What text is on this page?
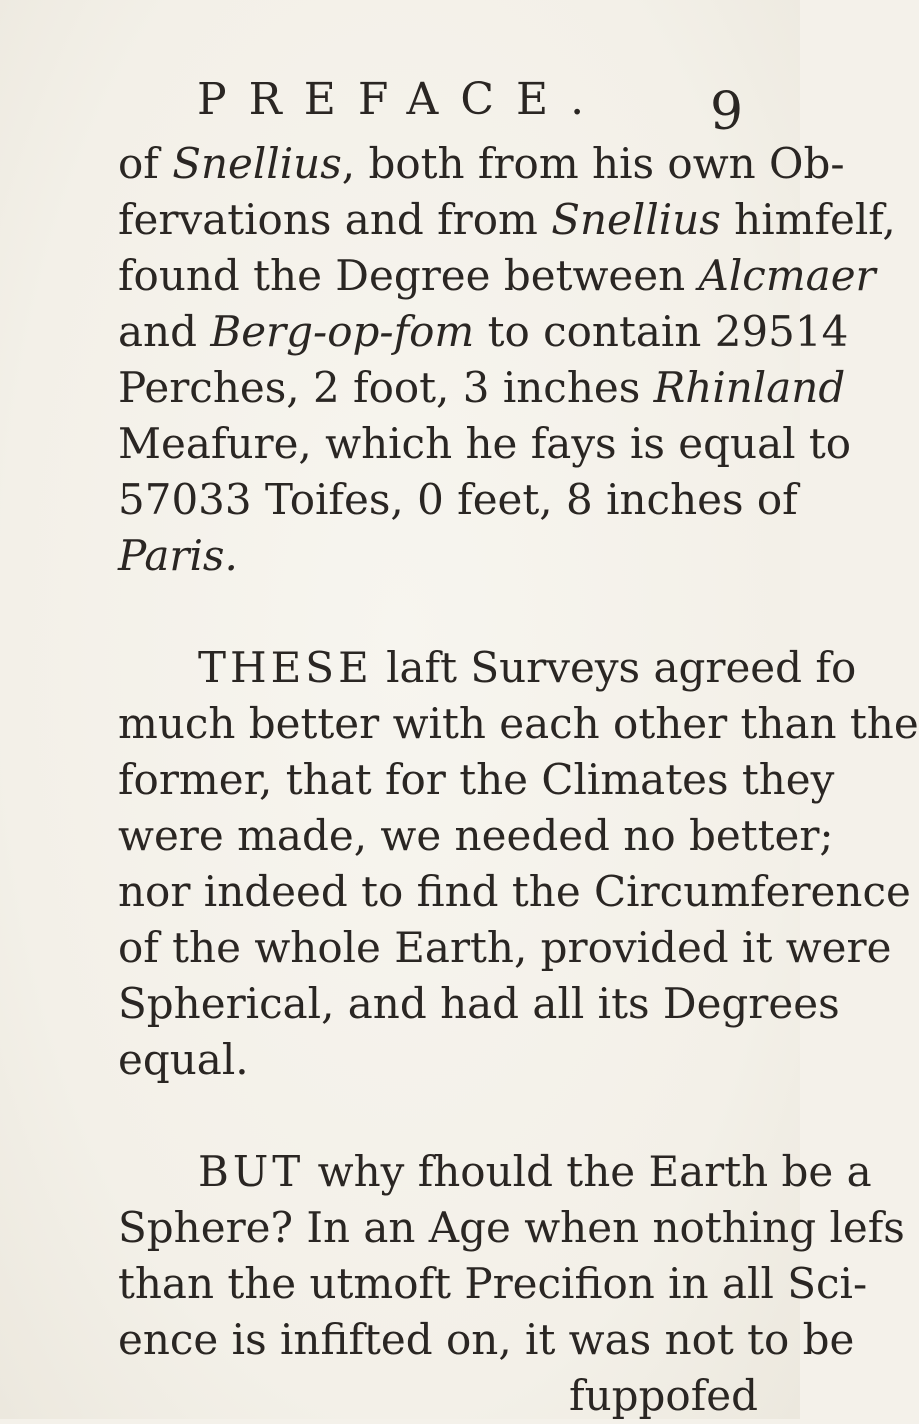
PREFACE. 9
of Snellius, both from his own Ob-
fervations and from Snellius himfelf,
found the Degree between Alcmaer
and Berg-op-fom to contain 29514
Perches, 2 foot, 3 inches Rhinland
Meafure, which he fays is equal to
57033 Toifes, 0 feet, 8 inches of
Paris.
THESE laft Surveys agreed fo
much better with each other than the
former, that for the Climates they
were made, we needed no better;
nor indeed to find the Circumference
of the whole Earth, provided it were
Spherical, and had all its Degrees
equal.
BUT why fhould the Earth be a
Sphere? In an Age when nothing lefs
than the utmoft Precifion in all Sci-
ence is infifted on, it was not to be
fuppofed
